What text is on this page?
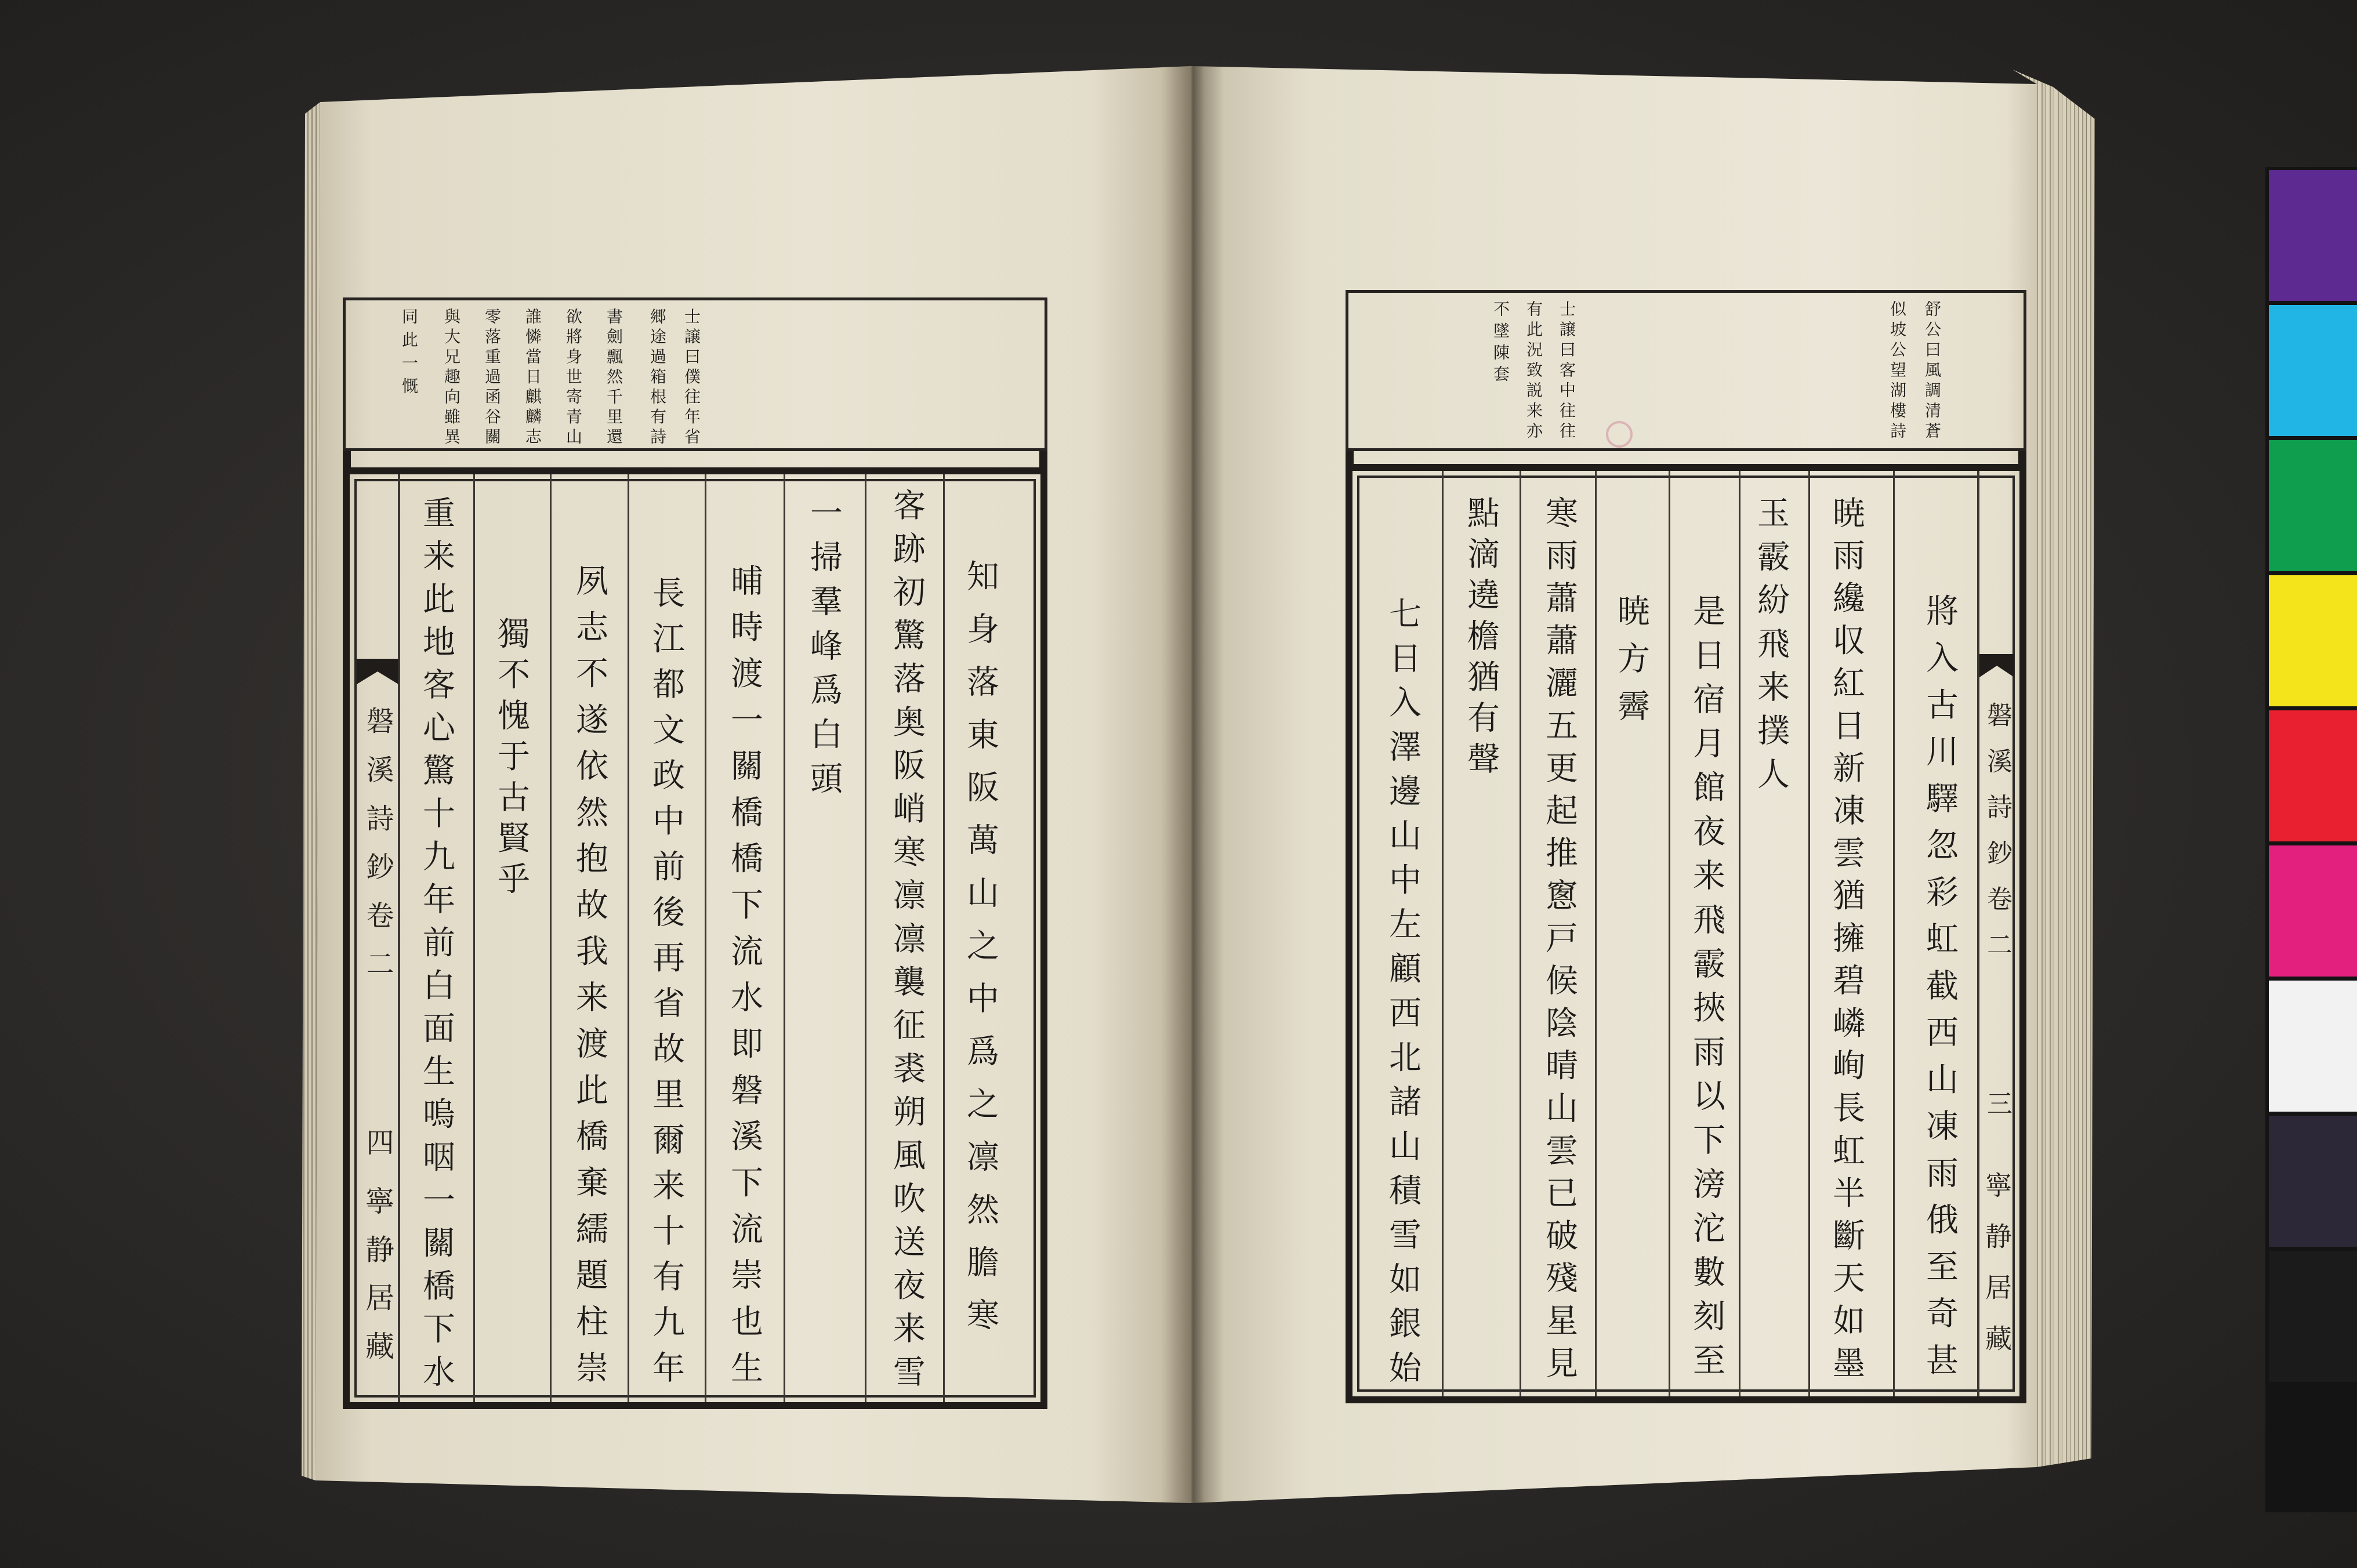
士譲曰僕往年省
郷途過箱根有詩
書劍飄然千里還
欲將身世寄青山
誰憐當日麒麟志
零落重過函谷關
與大兄趣向雖異
同此一慨
知身落東阪萬山之中爲之凛然膽寒
客跡初驚落奥阪峭寒凛凛襲征裘朔風吹送夜来雪
一掃羣峰爲白頭
晡時渡一關橋橋下流水即磐溪下流崇也生
長江都文政中前後再省故里爾来十有九年
夙志不遂依然抱故我来渡此橋棄繻題柱崇
獨不愧于古賢乎
重来此地客心驚十九年前白面生嗚咽一關橋下水
磐溪詩鈔卷二
四
寧静居藏
舒公曰風調清蒼
似坡公望湖樓詩
士譲曰客中往往
有此況致説来亦
不墜陳套
將入古川驛忽彩虹截西山凍雨俄至奇甚
暁雨纔収紅日新凍雲猶擁碧嶙峋長虹半斷天如墨
玉霰紛飛来撲人
是日宿月館夜来飛霰挾雨以下滂沱數刻至
暁方霽
寒雨蕭蕭灑五更起推窻戸候陰晴山雲已破殘星見
點滴遶檐猶有聲
七日入澤邊山中左顧西北諸山積雪如銀始	磐溪詩鈔卷二
三
寧静居藏
